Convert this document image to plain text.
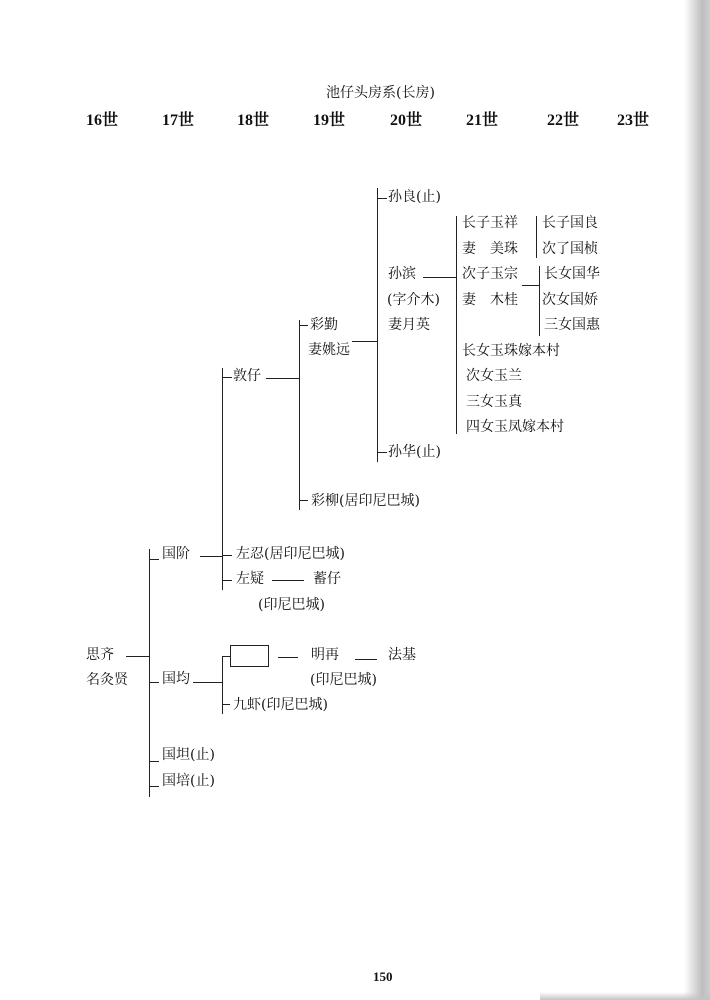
池仔头房系(长房)
16世	17世	18世	19世	20世	21世	22世 23世
思齐
名灸贤
国阶
国均
国坦(止)
国培(止)
敦仔
左忍(居印尼巴城)
左疑	蓄仔
(印尼巴城)
明再	法基
(印尼巴城)
九虾(印尼巴城)
彩勤
妻姚远
彩柳(居印尼巴城)
孙良(止)
孙滨
(字介木)
妻月英
孙华(止)
长子玉祥
妻　美珠
次子玉宗
妻　木桂
长女玉珠嫁本村
次女玉兰
三女玉真
四女玉凤嫁本村
长子国良
次了国桢
长女国华
次女国娇
三女国惠
150
